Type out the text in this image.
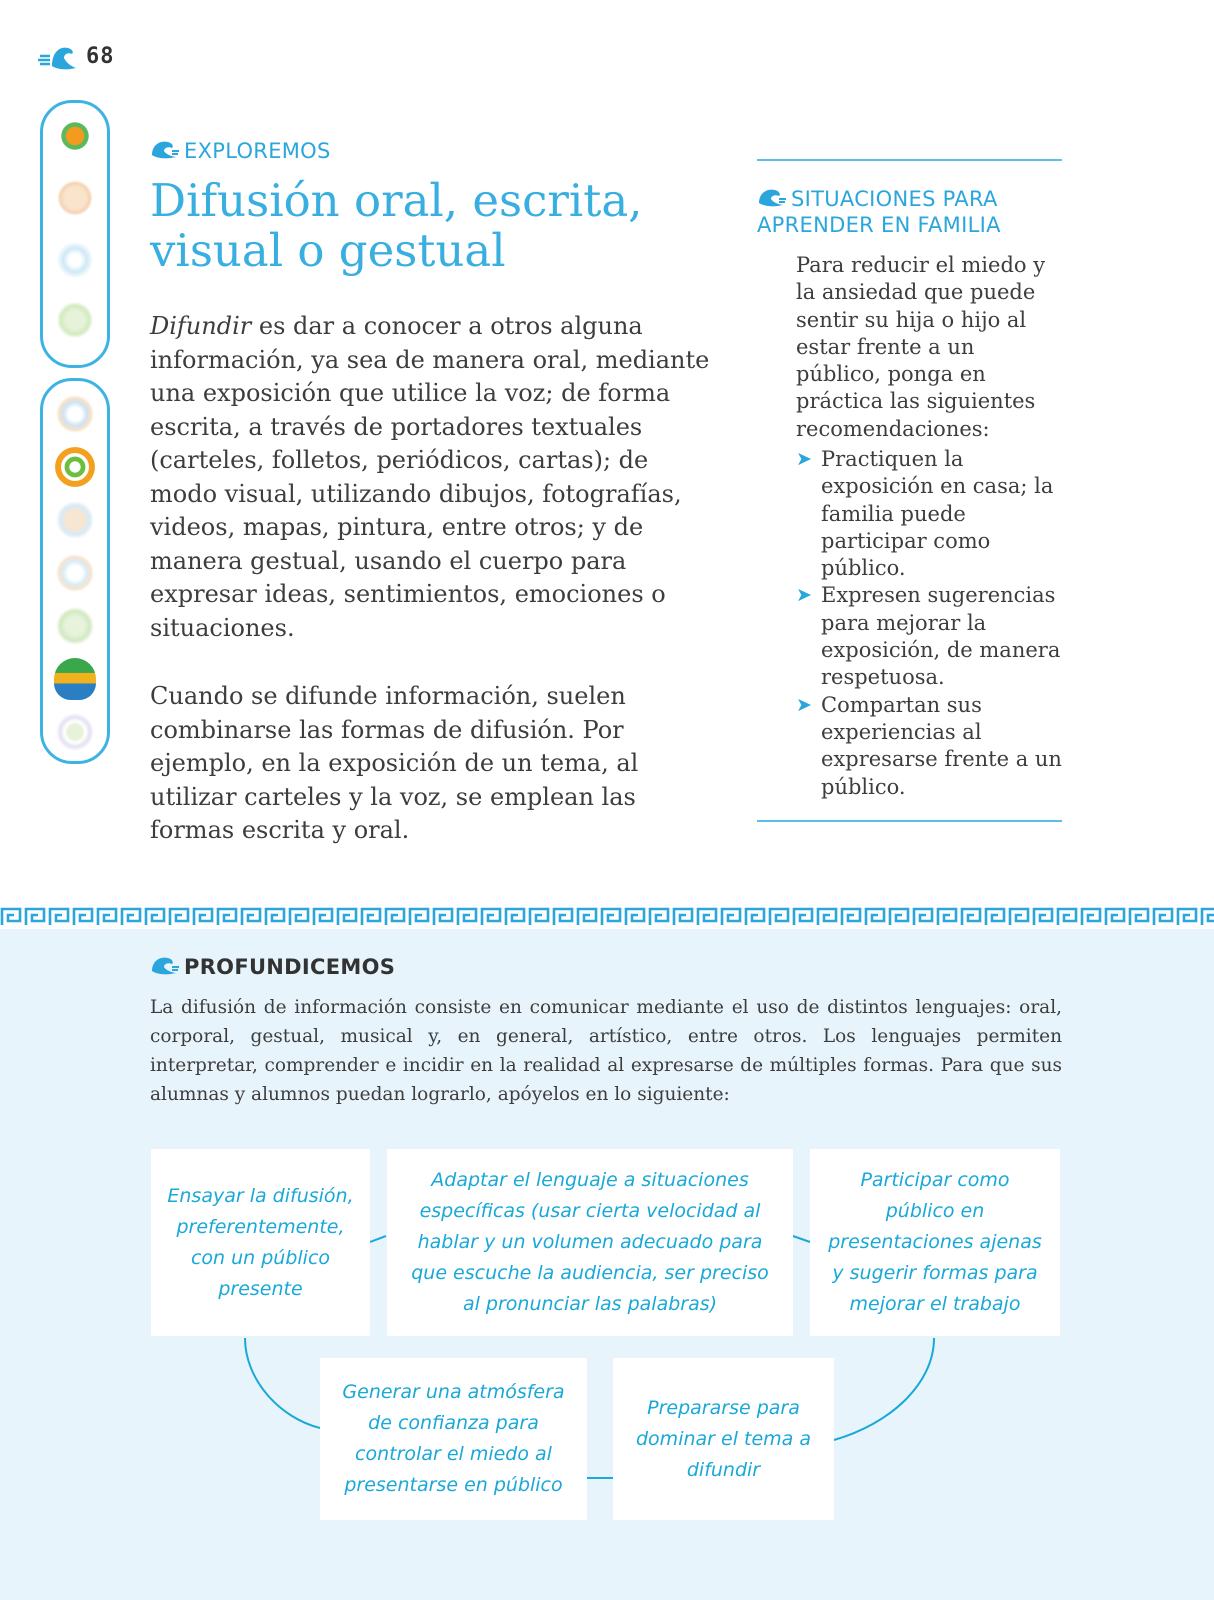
68
EXPLOREMOS
Difusión oral, escrita, visual o gestual
Difundir es dar a conocer a otros alguna información, ya sea de manera oral, mediante una exposición que utilice la voz; de forma escrita, a través de portadores textuales (carteles, folletos, periódicos, cartas); de modo visual, utilizando dibujos, fotografías, videos, mapas, pintura, entre otros; y de manera gestual, usando el cuerpo para expresar ideas, sentimientos, emociones o situaciones.
Cuando se difunde información, suelen combinarse las formas de difusión. Por ejemplo, en la exposición de un tema, al utilizar carteles y la voz, se emplean las formas escrita y oral.
SITUACIONES PARA APRENDER EN FAMILIA
Para reducir el miedo y la ansiedad que puede sentir su hija o hijo al estar frente a un público, ponga en práctica las siguientes recomendaciones:
➤ Practiquen la exposición en casa; la familia puede participar como público.
➤ Expresen sugerencias para mejorar la exposición, de manera respetuosa.
➤ Compartan sus experiencias al expresarse frente a un público.
PROFUNDICEMOS
La difusión de información consiste en comunicar mediante el uso de distintos lenguajes: oral, corporal, gestual, musical y, en general, artístico, entre otros. Los lenguajes permiten interpretar, comprender e incidir en la realidad al expresarse de múltiples formas. Para que sus alumnas y alumnos puedan lograrlo, apóyelos en lo siguiente:
Ensayar la difusión, preferentemente, con un público presente
Adaptar el lenguaje a situaciones específicas (usar cierta velocidad al hablar y un volumen adecuado para que escuche la audiencia, ser preciso al pronunciar las palabras)
Participar como público en presentaciones ajenas y sugerir formas para mejorar el trabajo
Generar una atmósfera de confianza para controlar el miedo al presentarse en público
Prepararse para dominar el tema a difundir
